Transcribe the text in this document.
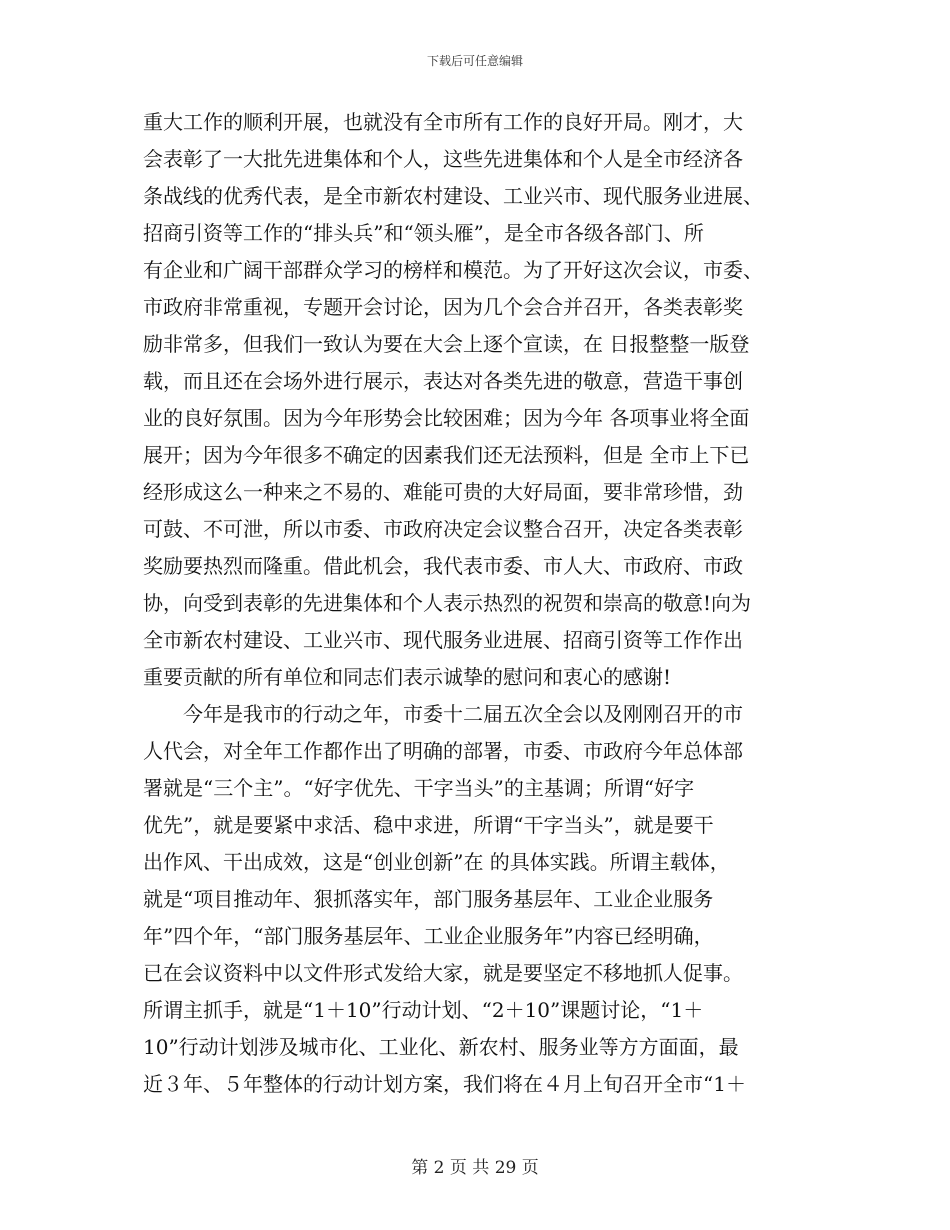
下载后可任意编辑
重大工作的顺利开展，也就没有全市所有工作的良好开局。刚才，大
会表彰了一大批先进集体和个人，这些先进集体和个人是全市经济各
条战线的优秀代表，是全市新农村建设、工业兴市、现代服务业进展、
招商引资等工作的“排头兵”和“领头雁”，是全市各级各部门、所
有企业和广阔干部群众学习的榜样和模范。为了开好这次会议，市委、
市政府非常重视，专题开会讨论，因为几个会合并召开，各类表彰奖
励非常多，但我们一致认为要在大会上逐个宣读，在 日报整整一版登
载，而且还在会场外进行展示，表达对各类先进的敬意，营造干事创
业的良好氛围。因为今年形势会比较困难；因为今年 各项事业将全面
展开；因为今年很多不确定的因素我们还无法预料，但是 全市上下已
经形成这么一种来之不易的、难能可贵的大好局面，要非常珍惜，劲
可鼓、不可泄，所以市委、市政府决定会议整合召开，决定各类表彰
奖励要热烈而隆重。借此机会，我代表市委、市人大、市政府、市政
协，向受到表彰的先进集体和个人表示热烈的祝贺和崇高的敬意!向为
全市新农村建设、工业兴市、现代服务业进展、招商引资等工作作出
重要贡献的所有单位和同志们表示诚挚的慰问和衷心的感谢!
今年是我市的行动之年，市委十二届五次全会以及刚刚召开的市
人代会，对全年工作都作出了明确的部署，市委、市政府今年总体部
署就是“三个主”。“好字优先、干字当头”的主基调；所谓“好字
优先”，就是要紧中求活、稳中求进，所谓“干字当头”，就是要干
出作风、干出成效，这是“创业创新”在 的具体实践。所谓主载体，
就是“项目推动年、狠抓落实年，部门服务基层年、工业企业服务
年”四个年，“部门服务基层年、工业企业服务年”内容已经明确，
已在会议资料中以文件形式发给大家，就是要坚定不移地抓人促事。
所谓主抓手，就是“1＋10”行动计划、“2＋10”课题讨论，“1＋
10”行动计划涉及城市化、工业化、新农村、服务业等方方面面，最
近３年、５年整体的行动计划方案，我们将在４月上旬召开全市“1＋
第 2 页 共 29 页
